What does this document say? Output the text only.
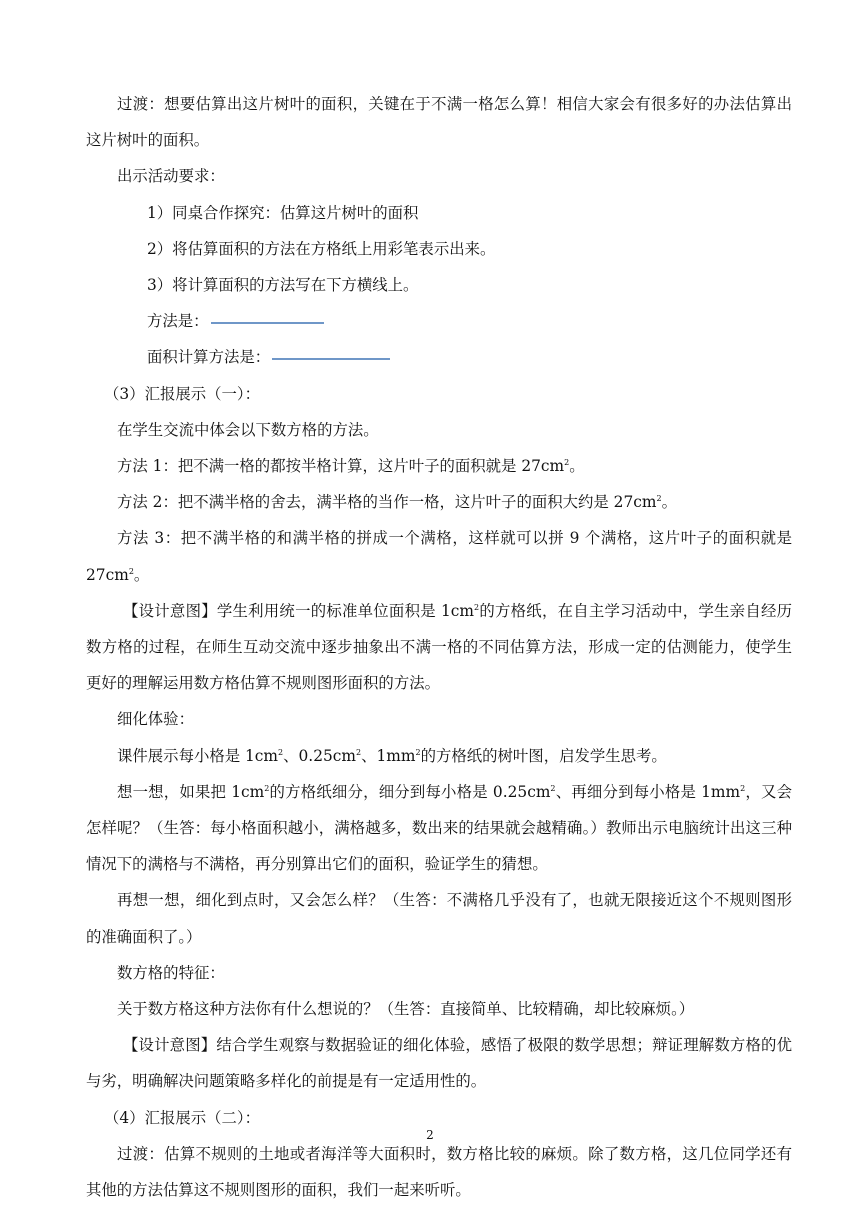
过渡：想要估算出这片树叶的面积，关键在于不满一格怎么算！相信大家会有很多好的办法估算出这片树叶的面积。

出示活动要求：

1）同桌合作探究：估算这片树叶的面积

2）将估算面积的方法在方格纸上用彩笔表示出来。

3）将计算面积的方法写在下方横线上。

方法是：

面积计算方法是：

（3）汇报展示（一）：

在学生交流中体会以下数方格的方法。

方法 1：把不满一格的都按半格计算，这片叶子的面积就是 $27cm^2$。

方法 2：把不满半格的舍去，满半格的当作一格，这片叶子的面积大约是 $27cm^2$。

方法 3：把不满半格的和满半格的拼成一个满格，这样就可以拼 9 个满格，这片叶子的面积就是 $27cm^2$。

【设计意图】学生利用统一的标准单位面积是 $1cm^2$的方格纸，在自主学习活动中，学生亲自经历数方格的过程，在师生互动交流中逐步抽象出不满一格的不同估算方法，形成一定的估测能力，使学生更好的理解运用数方格估算不规则图形面积的方法。

细化体验：

课件展示每小格是 $1cm^2$、$0.25cm^2$、$1mm^2$的方格纸的树叶图，启发学生思考。

想一想，如果把 $1cm^2$的方格纸细分，细分到每小格是 $0.25cm^2$、再细分到每小格是 $1mm^2$，又会怎样呢？（生答：每小格面积越小，满格越多，数出来的结果就会越精确。）教师出示电脑统计出这三种情况下的满格与不满格，再分别算出它们的面积，验证学生的猜想。

再想一想，细化到点时，又会怎么样？（生答：不满格几乎没有了，也就无限接近这个不规则图形的准确面积了。）

数方格的特征：

关于数方格这种方法你有什么想说的？（生答：直接简单、比较精确，却比较麻烦。）

【设计意图】结合学生观察与数据验证的细化体验，感悟了极限的数学思想；辩证理解数方格的优与劣，明确解决问题策略多样化的前提是有一定适用性的。

（4）汇报展示（二）：

过渡：估算不规则的土地或者海洋等大面积时，数方格比较的麻烦。除了数方格，这几位同学还有其他的方法估算这不规则图形的面积，我们一起来听听。

2
